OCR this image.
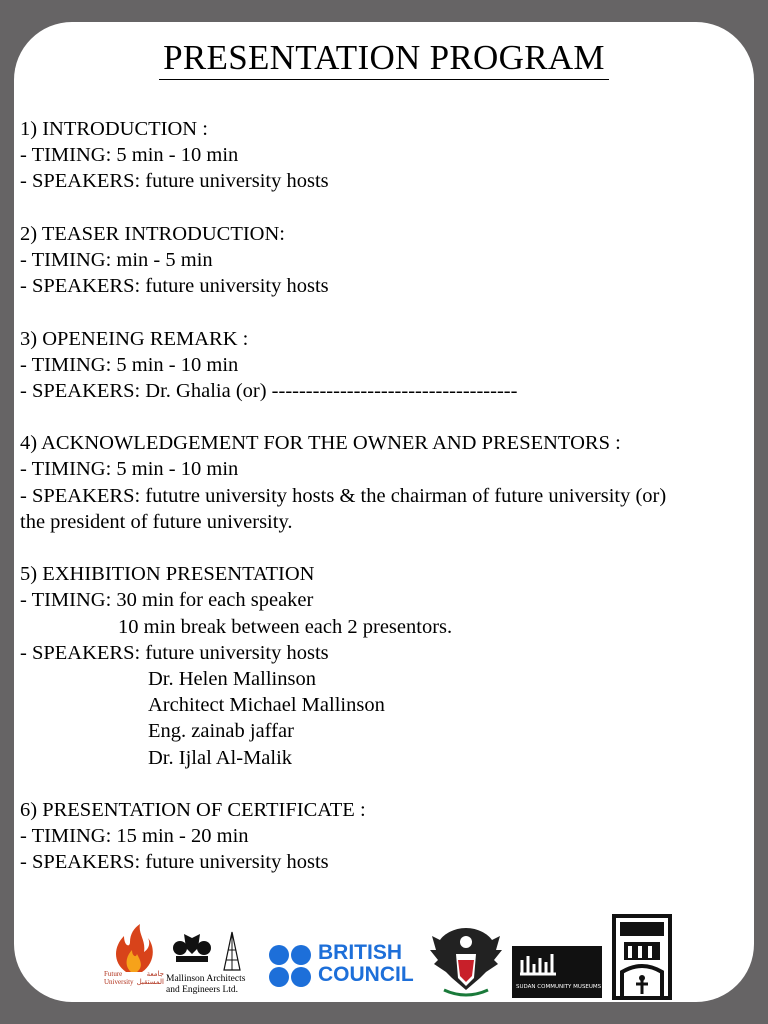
PRESENTATION PROGRAM
1) INTRODUCTION :
- TIMING: 5 min - 10 min
- SPEAKERS: future university hosts
2) TEASER INTRODUCTION:
- TIMING: min - 5 min
- SPEAKERS: future university hosts
3) OPENEING REMARK :
- TIMING: 5 min - 10 min
- SPEAKERS: Dr. Ghalia (or) ------------------------------------
4) ACKNOWLEDGEMENT FOR THE OWNER AND PRESENTORS :
- TIMING: 5 min - 10 min
- SPEAKERS: fututre university hosts & the chairman of future university (or)
the president of future university.
5) EXHIBITION PRESENTATION
- TIMING: 30 min for each speaker
10 min break between each 2 presentors.
- SPEAKERS: future university hosts
Dr. Helen Mallinson
Architect Michael Mallinson
Eng. zainab jaffar
Dr. Ijlal Al-Malik
6) PRESENTATION OF CERTIFICATE :
- TIMING: 15 min - 20 min
- SPEAKERS: future university hosts
Future University
جامعة المستقبل Mallinson Architects
and Engineers Ltd.
BRITISH
COUNCIL
SUDAN COMMUNITY MUSEUMS
